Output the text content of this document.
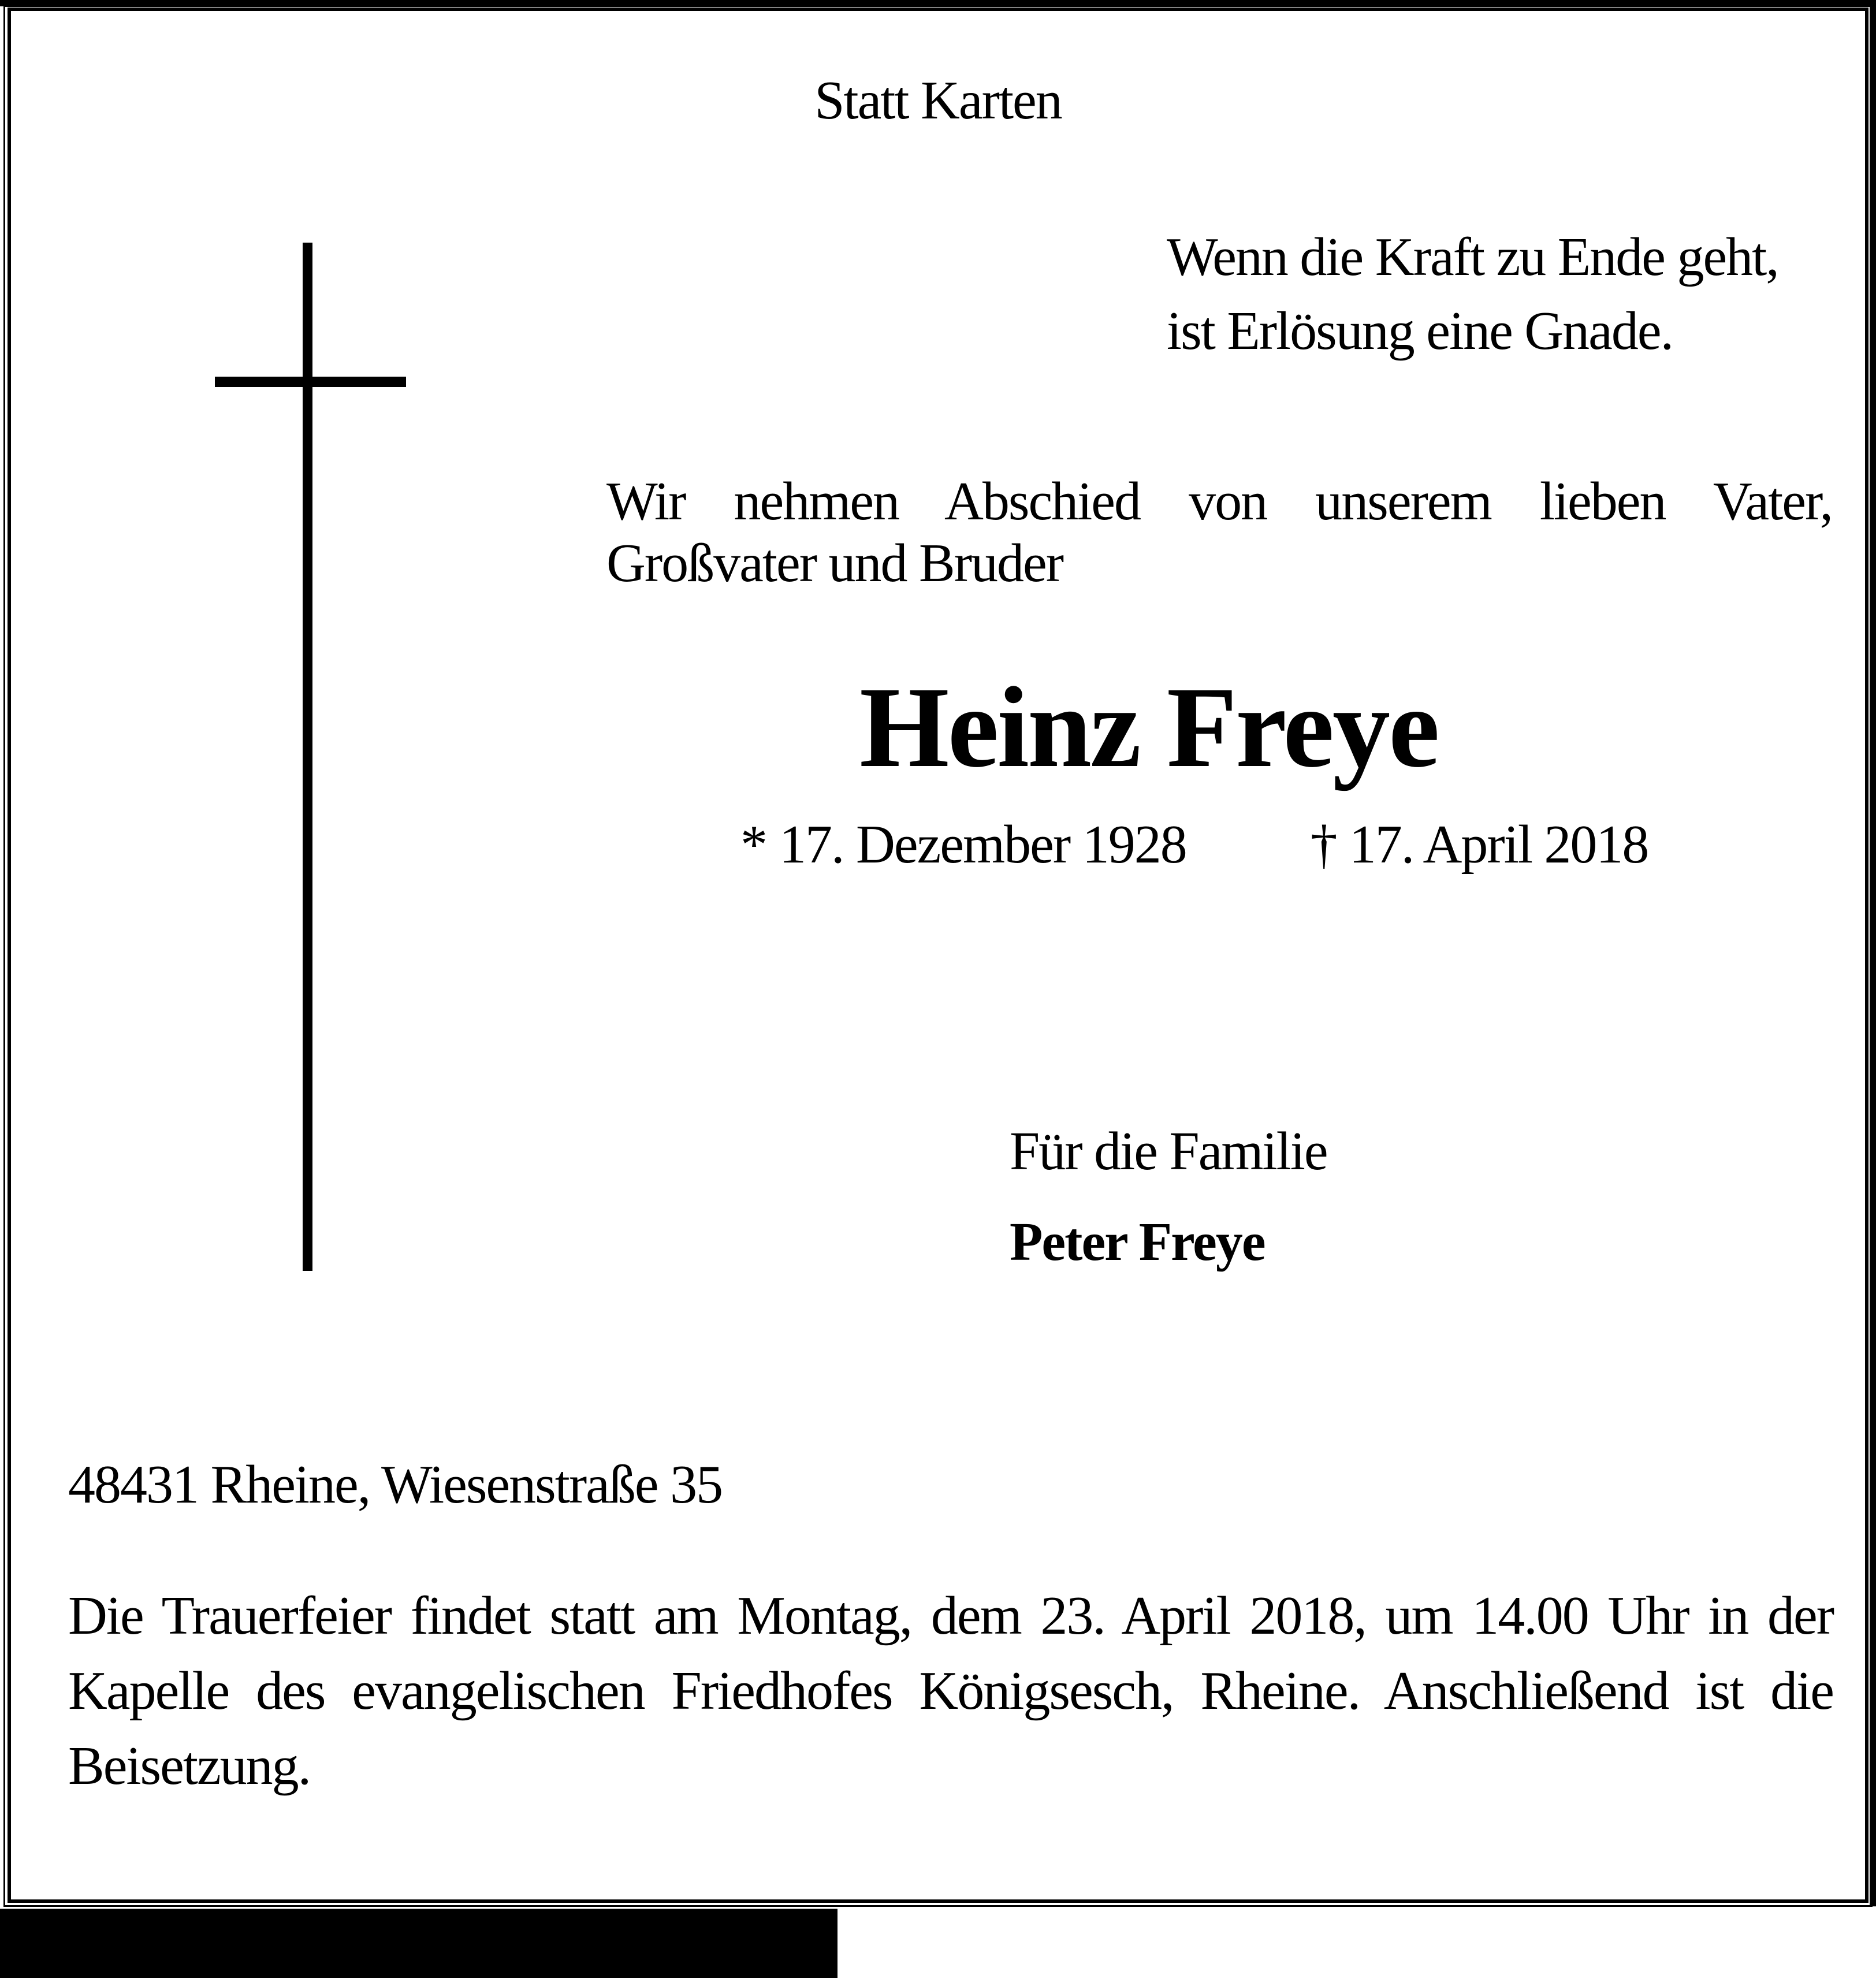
Statt Karten
Wenn die Kraft zu Ende geht,
ist Erlösung eine Gnade.
Wir nehmen Abschied von unserem lieben Vater,
Großvater und Bruder
Heinz Freye
* 17. Dezember 1928 † 17. April 2018
Für die Familie
Peter Freye
48431 Rheine, Wiesenstraße 35
Die Trauerfeier findet statt am Montag, dem 23. April 2018, um 14.00 Uhr in der
Kapelle des evangelischen Friedhofes Königsesch, Rheine. Anschließend ist die
Beisetzung.
